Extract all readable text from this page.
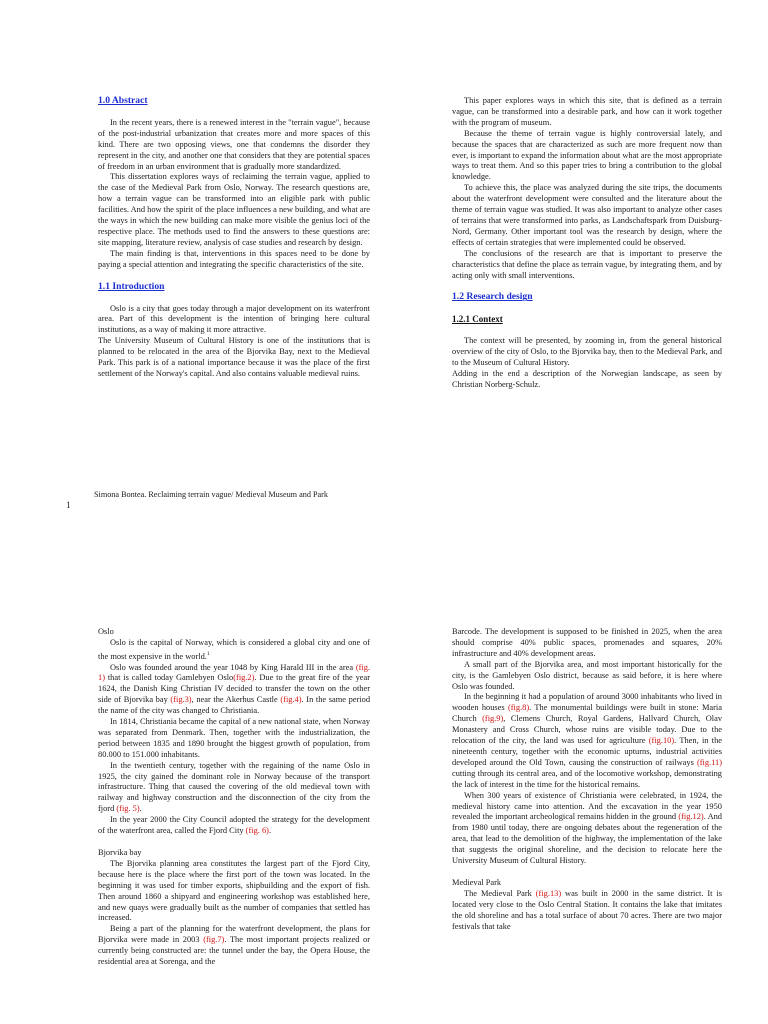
1.0 Abstract

In the recent years, there is a renewed interest in the "terrain vague", because of the post-industrial urbanization that creates more and more spaces of this kind. There are two opposing views, one that condemns the disorder they represent in the city, and another one that considers that they are potential spaces of freedom in an urban environment that is gradually more standardized.

This dissertation explores ways of reclaiming the terrain vague, applied to the case of the Medieval Park from Oslo, Norway. The research questions are, how a terrain vague can be transformed into an eligible park with public facilities. And how the spirit of the place influences a new building, and what are the ways in which the new building can make more visible the genius loci of the respective place. The methods used to find the answers to these questions are: site mapping, literature review, analysis of case studies and research by design.

The main finding is that, interventions in this spaces need to be done by paying a special attention and integrating the specific characteristics of the site.

1.1 Introduction

Oslo is a city that goes today through a major development on its waterfront area. Part of this development is the intention of bringing here cultural institutions, as a way of making it more attractive.

The University Museum of Cultural History is one of the institutions that is planned to be relocated in the area of the Bjorvika Bay, next to the Medieval Park. This park is of a national importance because it was the place of the first settlement of the Norway's capital. And also contains valuable medieval ruins.

This paper explores ways in which this site, that is defined as a terrain vague, can be transformed into a desirable park, and how can it work together with the program of museum.

Because the theme of terrain vague is highly controversial lately, and because the spaces that are characterized as such are more frequent now than ever, is important to expand the information about what are the most appropriate ways to treat them. And so this paper tries to bring a contribution to the global knowledge.

To achieve this, the place was analyzed during the site trips, the documents about the waterfront development were consulted and the literature about the theme of terrain vague was studied. It was also important to analyze other cases of terrains that were transformed into parks, as Landschaftspark from Duisburg- Nord, Germany. Other important tool was the research by design, where the effects of certain strategies that were implemented could be observed.

The conclusions of the research are that is important to preserve the characteristics that define the place as terrain vague, by integrating them, and by acting only with small interventions.

1.2 Research design

1.2.1 Context

The context will be presented, by zooming in, from the general historical overview of the city of Oslo, to the Bjorvika bay, then to the Medieval Park, and to the Museum of Cultural History.

Adding in the end a description of the Norwegian landscape, as seen by Christian Norberg-Schulz.

Simona Bontea. Reclaiming terrain vague/ Medieval Museum and Park
1

Oslo

Oslo is the capital of Norway, which is considered a global city and one of the most expensive in the world.$^1$

Oslo was founded around the year 1048 by King Harald III in the area (fig. 1) that is called today Gamlebyen Oslo(fig.2). Due to the great fire of the year 1624, the Danish King Christian IV decided to transfer the town on the other side of Bjorvika bay (fig.3), near the Akerhus Castle (fig.4). In the same period the name of the city was changed to Christiania.

In 1814, Christiania became the capital of a new national state, when Norway was separated from Denmark. Then, together with the industrialization, the period between 1835 and 1890 brought the biggest growth of population, from 80.000 to 151.000 inhabitants.

In the twentieth century, together with the regaining of the name Oslo in 1925, the city gained the dominant role in Norway because of the transport infrastructure. Thing that caused the covering of the old medieval town with railway and highway construction and the disconnection of the city from the fjord (fig. 5).

In the year 2000 the City Council adopted the strategy for the development of the waterfront area, called the Fjord City (fig. 6).

Bjorvika bay

The Bjorvika planning area constitutes the largest part of the Fjord City, because here is the place where the first port of the town was located. In the beginning it was used for timber exports, shipbuilding and the export of fish. Then around 1860 a shipyard and engineering workshop was established here, and new quays were gradually built as the number of companies that settled has increased.

Being a part of the planning for the waterfront development, the plans for Bjorvika were made in 2003 (fig.7). The most important projects realized or currently being constructed are: the tunnel under the bay, the Opera House, the residential area at Sorenga, and the

Barcode. The development is supposed to be finished in 2025, when the area should comprise 40% public spaces, promenades and squares, 20% infrastructure and 40% development areas.

A small part of the Bjorvika area, and most important historically for the city, is the Gamlebyen Oslo district, because as said before, it is here where Oslo was founded.

In the beginning it had a population of around 3000 inhabitants who lived in wooden houses (fig.8). The monumental buildings were built in stone: Maria Church (fig.9), Clemens Church, Royal Gardens, Hallvard Church, Olav Monastery and Cross Church, whose ruins are visible today. Due to the relocation of the city, the land was used for agriculture (fig.10). Then, in the nineteenth century, together with the economic upturns, industrial activities developed around the Old Town, causing the construction of railways (fig.11) cutting through its central area, and of the locomotive workshop, demonstrating the lack of interest in the time for the historical remains.

When 300 years of existence of Christiania were celebrated, in 1924, the medieval history came into attention. And the excavation in the year 1950 revealed the important archeological remains hidden in the ground (fig.12). And from 1980 until today, there are ongoing debates about the regeneration of the area, that lead to the demolition of the highway, the implementation of the lake that suggests the original shoreline, and the decision to relocate here the University Museum of Cultural History.

Medieval Park

The Medieval Park (fig.13) was built in 2000 in the same district. It is located very close to the Oslo Central Station. It contains the lake that imitates the old shoreline and has a total surface of about 70 acres. There are two major festivals that take
